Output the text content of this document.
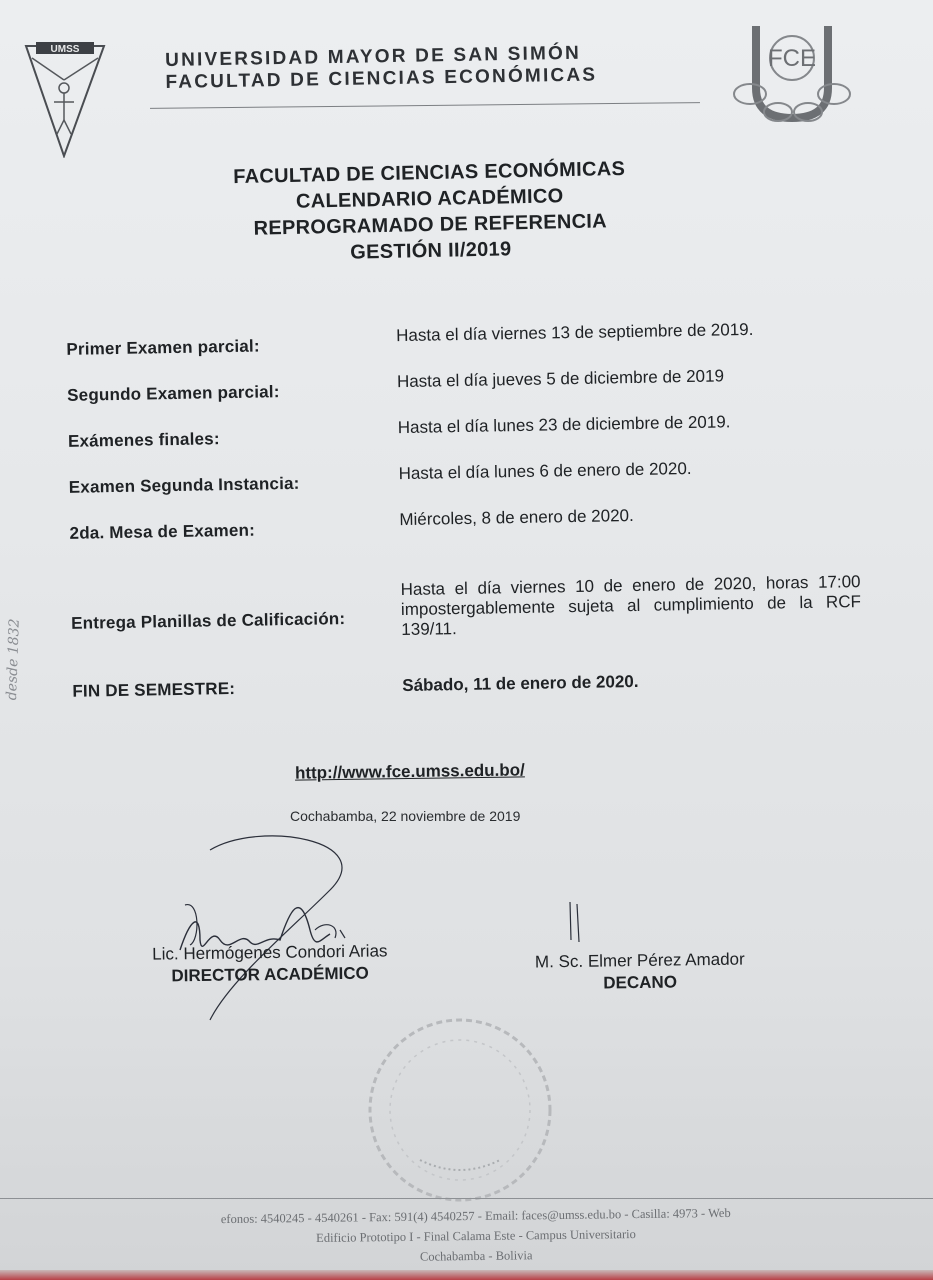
UMSS	UNIVERSIDAD MAYOR DE SAN SIMÓN
FACULTAD DE CIENCIAS ECONÓMICAS
FCE
FACULTAD DE CIENCIAS ECONÓMICAS
CALENDARIO ACADÉMICO
REPROGRAMADO DE REFERENCIA
GESTIÓN II/2019
Primer Examen parcial:
Hasta el día viernes 13 de septiembre de 2019.
Segundo Examen parcial:
Hasta el día jueves 5 de diciembre de 2019
Exámenes finales:
Hasta el día lunes 23 de diciembre de 2019.
Examen Segunda Instancia:
Hasta el día lunes 6 de enero de 2020.
2da. Mesa de Examen:
Miércoles, 8 de enero de 2020.
Entrega Planillas de Calificación:
Hasta el día viernes 10 de enero de 2020, horas 17:00 impostergablemente sujeta al cumplimiento de la RCF 139/11.
FIN DE SEMESTRE:	Sábado, 11 de enero de 2020.
http://www.fce.umss.edu.bo/
Cochabamba, 22 noviembre de 2019
Lic. Hermógenes Condori Arias
DIRECTOR ACADÉMICO
M. Sc. Elmer Pérez Amador
DECANO
desde 1832
efonos: 4540245 - 4540261 - Fax: 591(4) 4540257 - Email: faces@umss.edu.bo - Casilla: 4973 - Web
Edificio Prototipo I - Final Calama Este - Campus Universitario
Cochabamba - Bolivia
